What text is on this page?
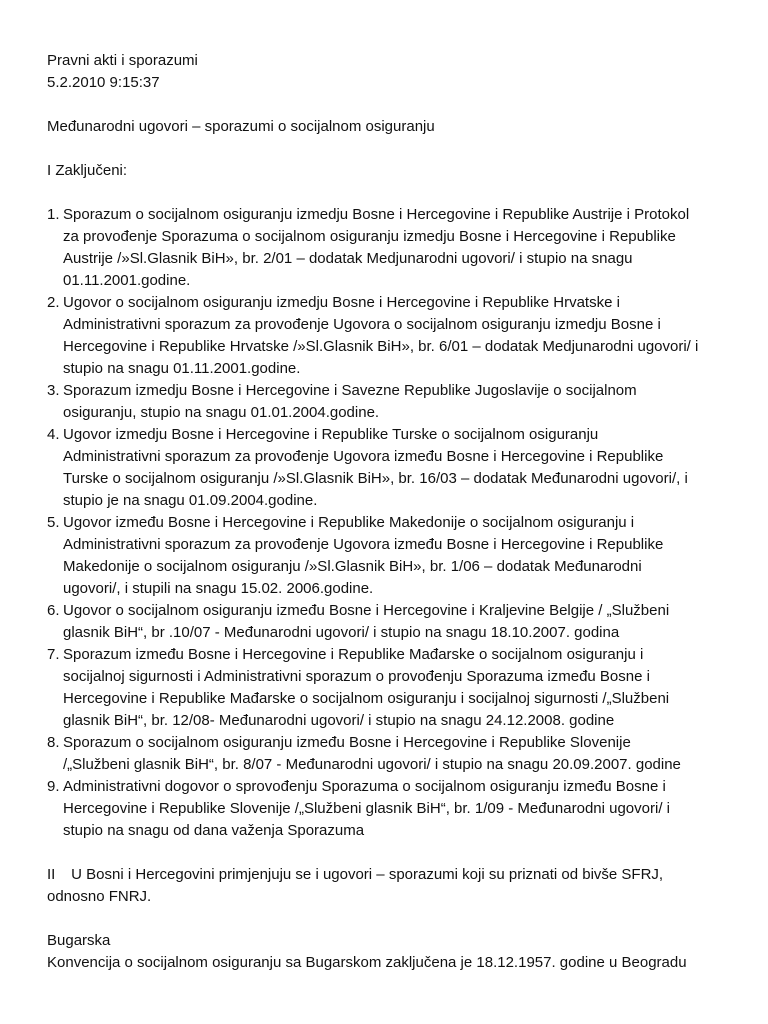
Pravni akti i sporazumi

5.2.2010 9:15:37

Međunarodni ugovori – sporazumi o socijalnom osiguranju

I Zaključeni:

1. Sporazum o socijalnom osiguranju izmedju Bosne i Hercegovine i Republike Austrije i Protokol
za provođenje Sporazuma o socijalnom osiguranju izmedju Bosne i Hercegovine i Republike
Austrije /»Sl.Glasnik BiH», br. 2/01 – dodatak Medjunarodni ugovori/ i stupio na snagu
01.11.2001.godine.
2. Ugovor o socijalnom osiguranju izmedju Bosne i Hercegovine i Republike Hrvatske i
Administrativni sporazum za provođenje Ugovora o socijalnom osiguranju izmedju Bosne i
Hercegovine i Republike Hrvatske /»Sl.Glasnik BiH», br. 6/01 – dodatak Medjunarodni ugovori/ i
stupio na snagu 01.11.2001.godine.
3. Sporazum izmedju Bosne i Hercegovine i Savezne Republike Jugoslavije o socijalnom
osiguranju, stupio na snagu 01.01.2004.godine.
4. Ugovor izmedju Bosne i Hercegovine i Republike Turske o socijalnom osiguranju
Administrativni sporazum za provođenje Ugovora između Bosne i Hercegovine i Republike
Turske o socijalnom osiguranju /»Sl.Glasnik BiH», br. 16/03 – dodatak Međunarodni ugovori/, i
stupio je na snagu 01.09.2004.godine.
5. Ugovor između Bosne i Hercegovine i Republike Makedonije o socijalnom osiguranju i
Administrativni sporazum za provođenje Ugovora između Bosne i Hercegovine i Republike
Makedonije o socijalnom osiguranju /»Sl.Glasnik BiH», br. 1/06 – dodatak Međunarodni
ugovori/, i stupili na snagu 15.02. 2006.godine.
6. Ugovor o socijalnom osiguranju između Bosne i Hercegovine i Kraljevine Belgije / „Službeni
glasnik BiH“, br .10/07 - Međunarodni ugovori/ i stupio na snagu 18.10.2007. godina
7. Sporazum između Bosne i Hercegovine i Republike Mađarske o socijalnom osiguranju i
socijalnoj sigurnosti i Administrativni sporazum o provođenju Sporazuma između Bosne i
Hercegovine i Republike Mađarske o socijalnom osiguranju i socijalnoj sigurnosti /„Službeni
glasnik BiH“, br. 12/08- Međunarodni ugovori/ i stupio na snagu 24.12.2008. godine
8. Sporazum o socijalnom osiguranju između Bosne i Hercegovine i Republike Slovenije
/„Službeni glasnik BiH“, br. 8/07 - Međunarodni ugovori/ i stupio na snagu 20.09.2007. godine
9. Administrativni dogovor o sprovođenju Sporazuma o socijalnom osiguranju između Bosne i
Hercegovine i Republike Slovenije /„Službeni glasnik BiH“, br. 1/09 - Međunarodni ugovori/ i
stupio na snagu od dana važenja Sporazuma

II U Bosni i Hercegovini primjenjuju se i ugovori – sporazumi koji su priznati od bivše SFRJ,

odnosno FNRJ.

Bugarska

Konvencija o socijalnom osiguranju sa Bugarskom zaključena je 18.12.1957. godine u Beogradu
